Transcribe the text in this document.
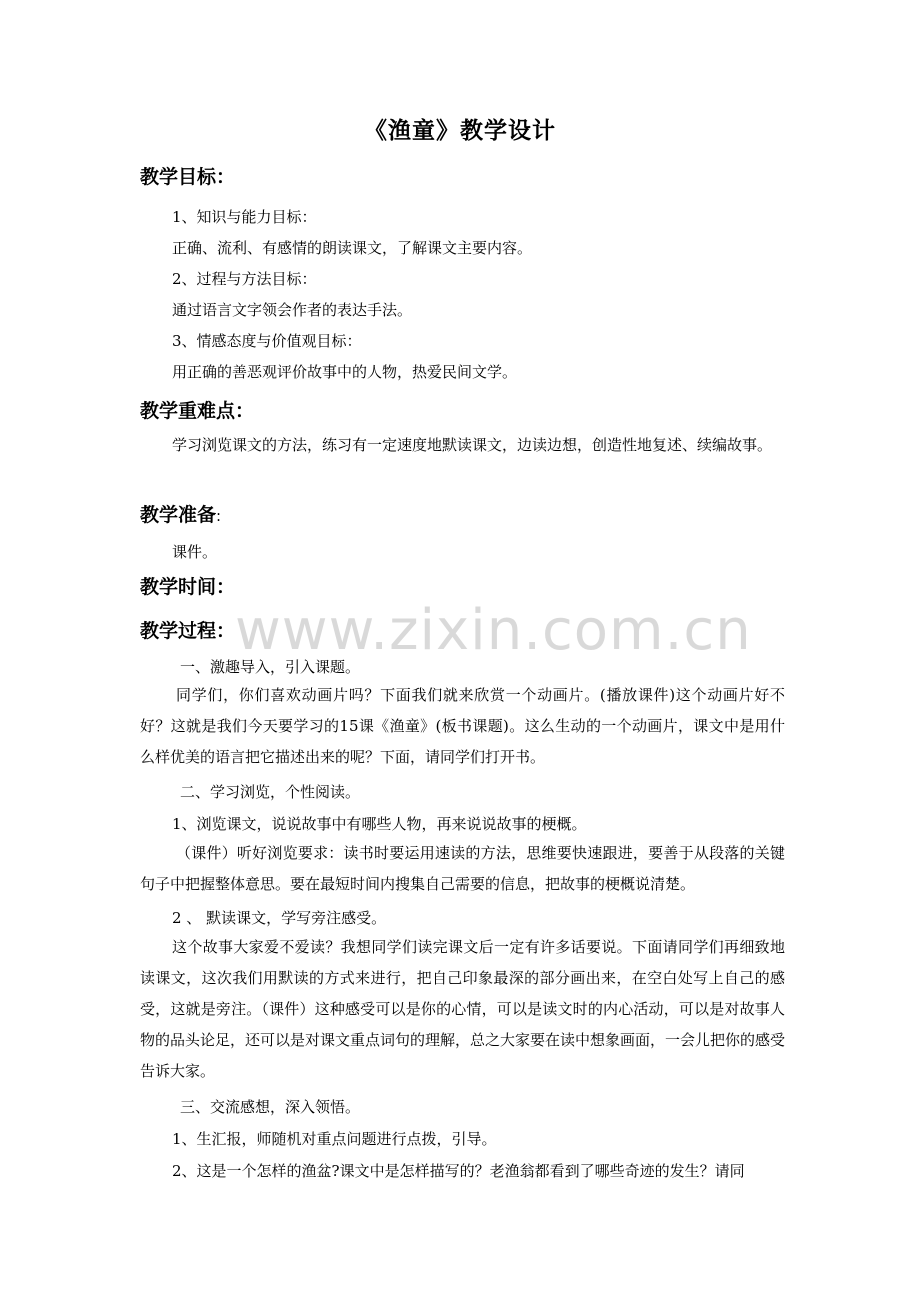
www.zixin.com.cn
《渔童》教学设计
教学目标：
1、知识与能力目标：
正确、流利、有感情的朗读课文，了解课文主要内容。
2、过程与方法目标：
通过语言文字领会作者的表达手法。
3、情感态度与价值观目标：
用正确的善恶观评价故事中的人物，热爱民间文学。
教学重难点：
学习浏览课文的方法，练习有一定速度地默读课文，边读边想，创造性地复述、续编故事。
教学准备:
课件。
教学时间：
教学过程：
一、激趣导入，引入课题。
同学们，你们喜欢动画片吗？下面我们就来欣赏一个动画片。(播放课件)这个动画片好不好？这就是我们今天要学习的15课《渔童》(板书课题)。这么生动的一个动画片，课文中是用什么样优美的语言把它描述出来的呢？下面，请同学们打开书。
二、学习浏览，个性阅读。
1、浏览课文，说说故事中有哪些人物，再来说说故事的梗概。
（课件）听好浏览要求：读书时要运用速读的方法，思维要快速跟进，要善于从段落的关键句子中把握整体意思。要在最短时间内搜集自己需要的信息，把故事的梗概说清楚。
2 、 默读课文，学写旁注感受。
这个故事大家爱不爱读？我想同学们读完课文后一定有许多话要说。下面请同学们再细致地读课文，这次我们用默读的方式来进行，把自己印象最深的部分画出来，在空白处写上自己的感受，这就是旁注。（课件）这种感受可以是你的心情，可以是读文时的内心活动，可以是对故事人物的品头论足，还可以是对课文重点词句的理解，总之大家要在读中想象画面，一会儿把你的感受告诉大家。
三、交流感想，深入领悟。
1、生汇报，师随机对重点问题进行点拨，引导。
2、这是一个怎样的渔盆?课文中是怎样描写的？老渔翁都看到了哪些奇迹的发生？请同
